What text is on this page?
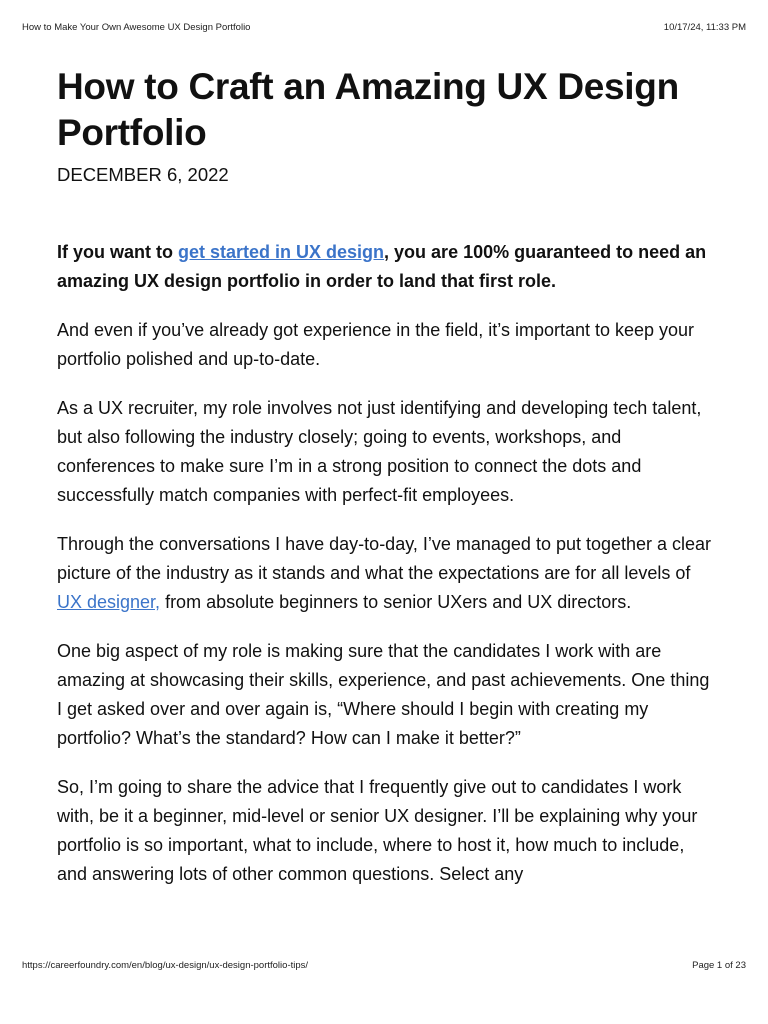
How to Make Your Own Awesome UX Design Portfolio	10/17/24, 11:33 PM
How to Craft an Amazing UX Design Portfolio
DECEMBER 6, 2022

If you want to get started in UX design, you are 100% guaranteed to need an amazing UX design portfolio in order to land that first role.

And even if you’ve already got experience in the field, it’s important to keep your portfolio polished and up-to-date.

As a UX recruiter, my role involves not just identifying and developing tech talent, but also following the industry closely; going to events, workshops, and conferences to make sure I’m in a strong position to connect the dots and successfully match companies with perfect-fit employees.

Through the conversations I have day-to-day, I’ve managed to put together a clear picture of the industry as it stands and what the expectations are for all levels of UX designer, from absolute beginners to senior UXers and UX directors.

One big aspect of my role is making sure that the candidates I work with are amazing at showcasing their skills, experience, and past achievements. One thing I get asked over and over again is, “Where should I begin with creating my portfolio? What’s the standard? How can I make it better?”

So, I’m going to share the advice that I frequently give out to candidates I work with, be it a beginner, mid-level or senior UX designer. I’ll be explaining why your portfolio is so important, what to include, where to host it, how much to include, and answering lots of other common questions. Select any

https://careerfoundry.com/en/blog/ux-design/ux-design-portfolio-tips/	Page 1 of 23
